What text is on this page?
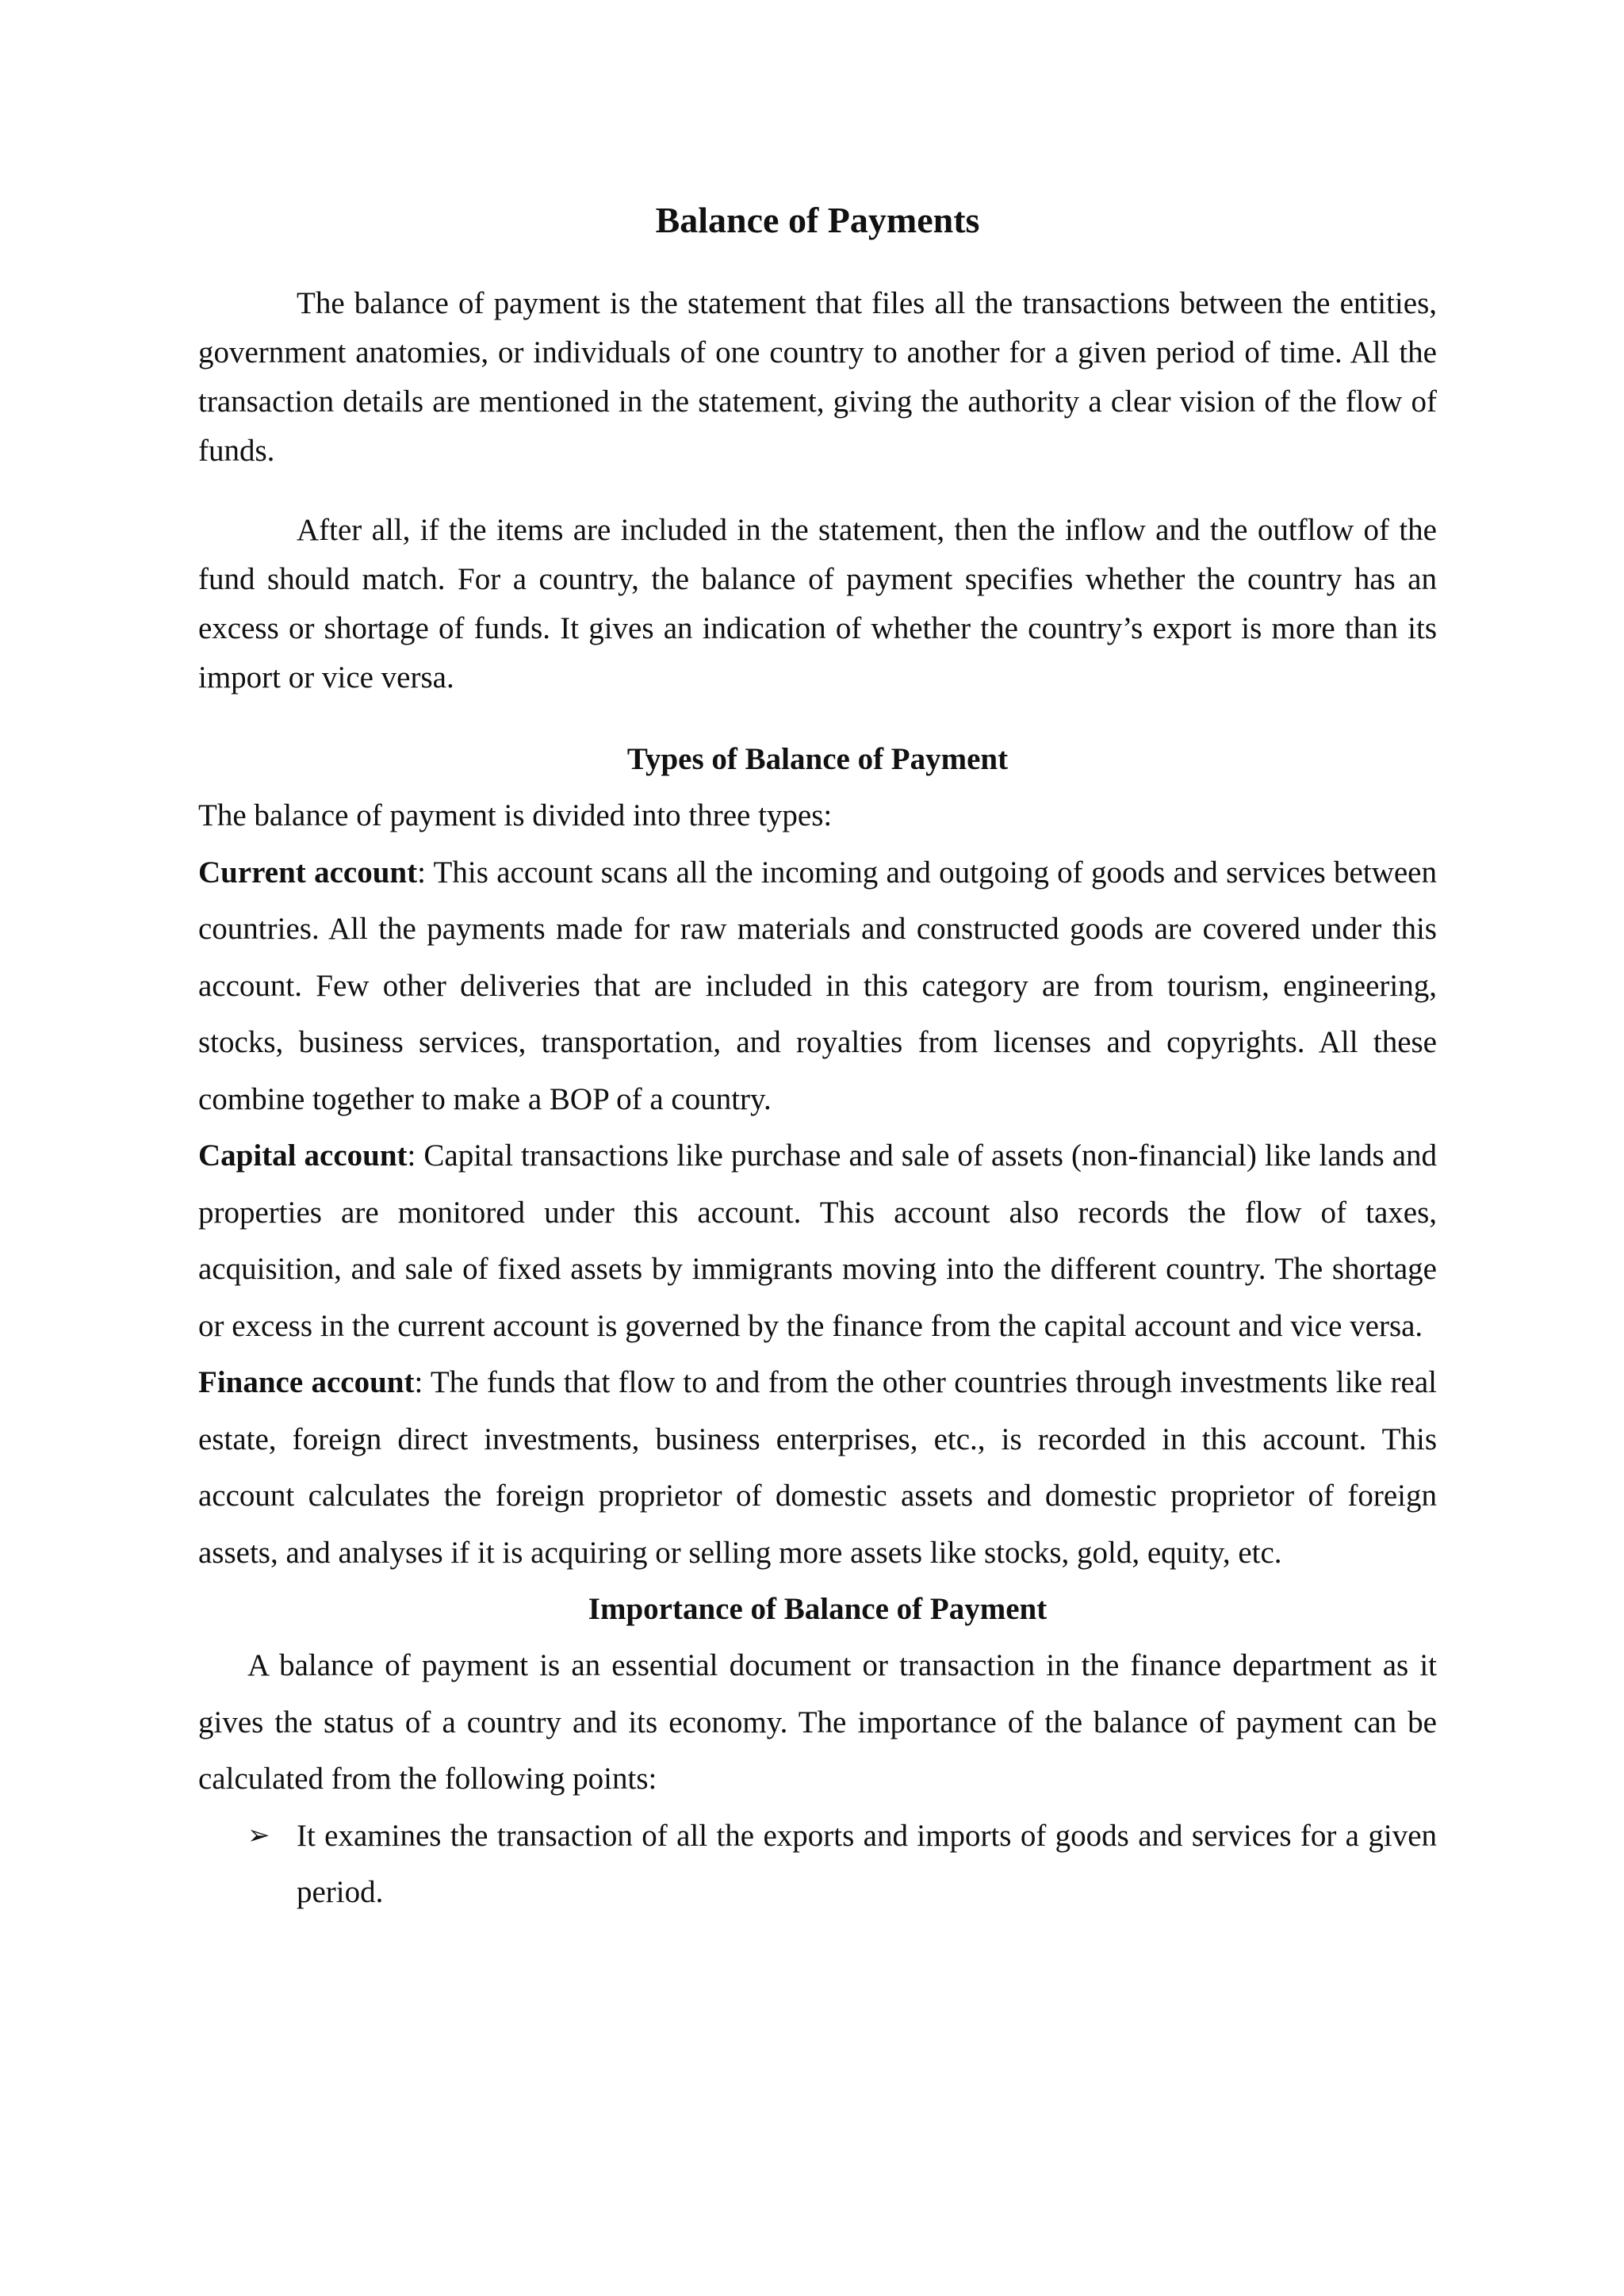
Balance of Payments

The balance of payment is the statement that files all the transactions between the entities, government anatomies, or individuals of one country to another for a given period of time. All the transaction details are mentioned in the statement, giving the authority a clear vision of the flow of funds.

After all, if the items are included in the statement, then the inflow and the outflow of the fund should match. For a country, the balance of payment specifies whether the country has an excess or shortage of funds. It gives an indication of whether the country’s export is more than its import or vice versa.

Types of Balance of Payment

The balance of payment is divided into three types:

Current account: This account scans all the incoming and outgoing of goods and services between countries. All the payments made for raw materials and constructed goods are covered under this account. Few other deliveries that are included in this category are from tourism, engineering, stocks, business services, transportation, and royalties from licenses and copyrights. All these combine together to make a BOP of a country.

Capital account: Capital transactions like purchase and sale of assets (non-financial) like lands and properties are monitored under this account. This account also records the flow of taxes, acquisition, and sale of fixed assets by immigrants moving into the different country. The shortage or excess in the current account is governed by the finance from the capital account and vice versa.

Finance account: The funds that flow to and from the other countries through investments like real estate, foreign direct investments, business enterprises, etc., is recorded in this account. This account calculates the foreign proprietor of domestic assets and domestic proprietor of foreign assets, and analyses if it is acquiring or selling more assets like stocks, gold, equity, etc.

Importance of Balance of Payment

A balance of payment is an essential document or transaction in the finance department as it gives the status of a country and its economy. The importance of the balance of payment can be calculated from the following points:

➢ It examines the transaction of all the exports and imports of goods and services for a given period.
